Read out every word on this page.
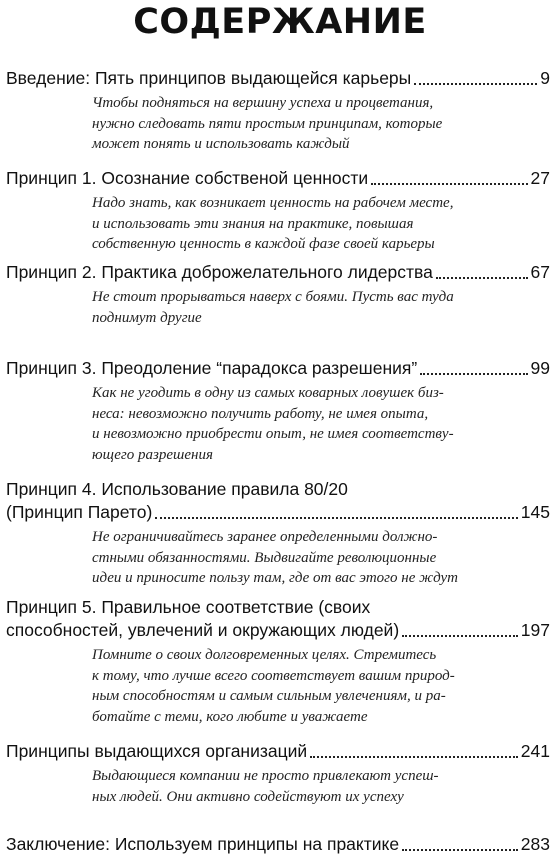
СОДЕРЖАНИЕ
Введение: Пять принципов выдающейся карьеры	9
Чтобы подняться на вершину успеха и процветания,
нужно следовать пяти простым принципам, которые
может понять и использовать каждый
Принцип 1. Осознание собственой ценности	27
Надо знать, как возникает ценность на рабочем месте,
и использовать эти знания на практике, повышая
собственную ценность в каждой фазе своей карьеры
Принцип 2. Практика доброжелательного лидерства	67
Не стоит прорываться наверх с боями. Пусть вас туда
поднимут другие
Принцип 3. Преодоление “парадокса разрешения”	99
Как не угодить в одну из самых коварных ловушек биз-
неса: невозможно получить работу, не имея опыта,
и невозможно приобрести опыт, не имея соответству-
ющего разрешения
Принцип 4. Использование правила 80/20
(Принцип Парето)	145
Не ограничивайтесь заранее определенными должно-
стными обязанностями. Выдвигайте революционные
идеи и приносите пользу там, где от вас этого не ждут
Принцип 5. Правильное соответствие (своих
способностей, увлечений и окружающих людей)	197
Помните о своих долговременных целях. Стремитесь
к тому, что лучше всего соответствует вашим природ-
ным способностям и самым сильным увлечениям, и ра-
ботайте с теми, кого любите и уважаете
Принципы выдающихся организаций	241
Выдающиеся компании не просто привлекают успеш-
ных людей. Они активно содействуют их успеху
Заключение: Используем принципы на практике	283
